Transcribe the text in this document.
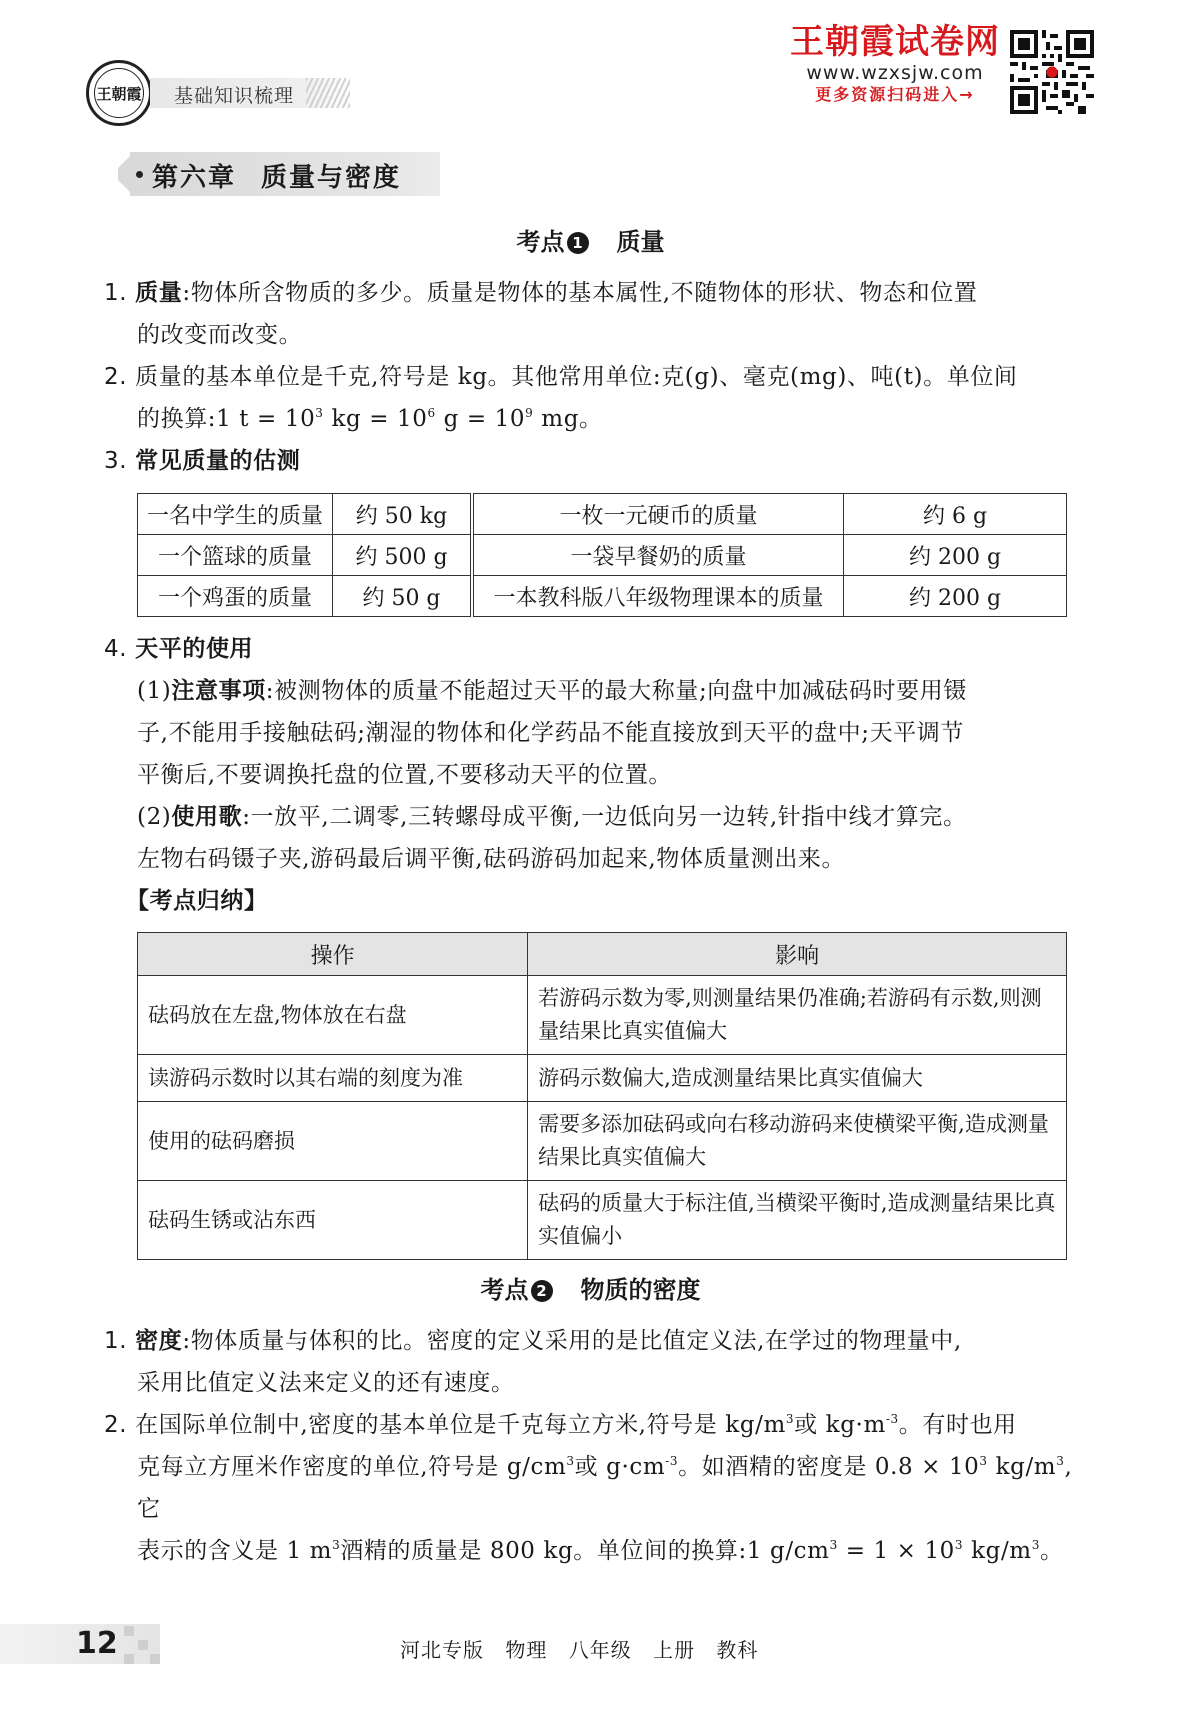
王朝霞 基础知识梳理
王朝霞试卷网
www.wzxsjw.com
更多资源扫码进入→
第六章 质量与密度
考点 1 质量
1. 质量:物体所含物质的多少。质量是物体的基本属性,不随物体的形状、物态和位置
的改变而改变。
2. 质量的基本单位是千克,符号是 kg。其他常用单位:克(g)、毫克(mg)、吨(t)。单位间
的换算:1 $t = 10^3$ kg = $10^6$ $g = 10^9$ mg。
3. 常见质量的估测
一名中学生的质量	约 50 kg	一枚一元硬币的质量	约 6 g
一个篮球的质量	约 500 g	一袋早餐奶的质量	约 200 g
一个鸡蛋的质量	约 50 g	一本教科版八年级物理课本的质量	约 200 g
4. 天平的使用
(1)注意事项:被测物体的质量不能超过天平的最大称量;向盘中加减砝码时要用镊
子,不能用手接触砝码;潮湿的物体和化学药品不能直接放到天平的盘中;天平调节
平衡后,不要调换托盘的位置,不要移动天平的位置。
(2)使用歌:一放平,二调零,三转螺母成平衡,一边低向另一边转,针指中线才算完。
左物右码镊子夹,游码最后调平衡,砝码游码加起来,物体质量测出来。
【考点归纳】
操作	影响
砝码放在左盘,物体放在右盘	若游码示数为零,则测量结果仍准确;若游码有示数,则测量结果比真实值偏大
读游码示数时以其右端的刻度为准	游码示数偏大,造成测量结果比真实值偏大
使用的砝码磨损	需要多添加砝码或向右移动游码来使横梁平衡,造成测量结果比真实值偏大
砝码生锈或沾东西	砝码的质量大于标注值,当横梁平衡时,造成测量结果比真实值偏小
考点 2 物质的密度
1. 密度:物体质量与体积的比。密度的定义采用的是比值定义法,在学过的物理量中,
采用比值定义法来定义的还有速度。
2. 在国际单位制中,密度的基本单位是千克每立方米,符号是 $kg/m^3$或 $kg\cdot m^{-3}$。有时也用
克每立方厘米作密度的单位,符号是 $g/cm^3$或 $g\cdot cm^{-3}$。如酒精的密度是 $0.8 \times 10^3$ $kg/m^3$,它
表示的含义是 1 $m^3$酒精的质量是 800 kg。单位间的换算:1 $g/cm^3 = 1 \times 10^3$ $kg/m^3$。
12	河北专版 物理 八年级 上册 教科
